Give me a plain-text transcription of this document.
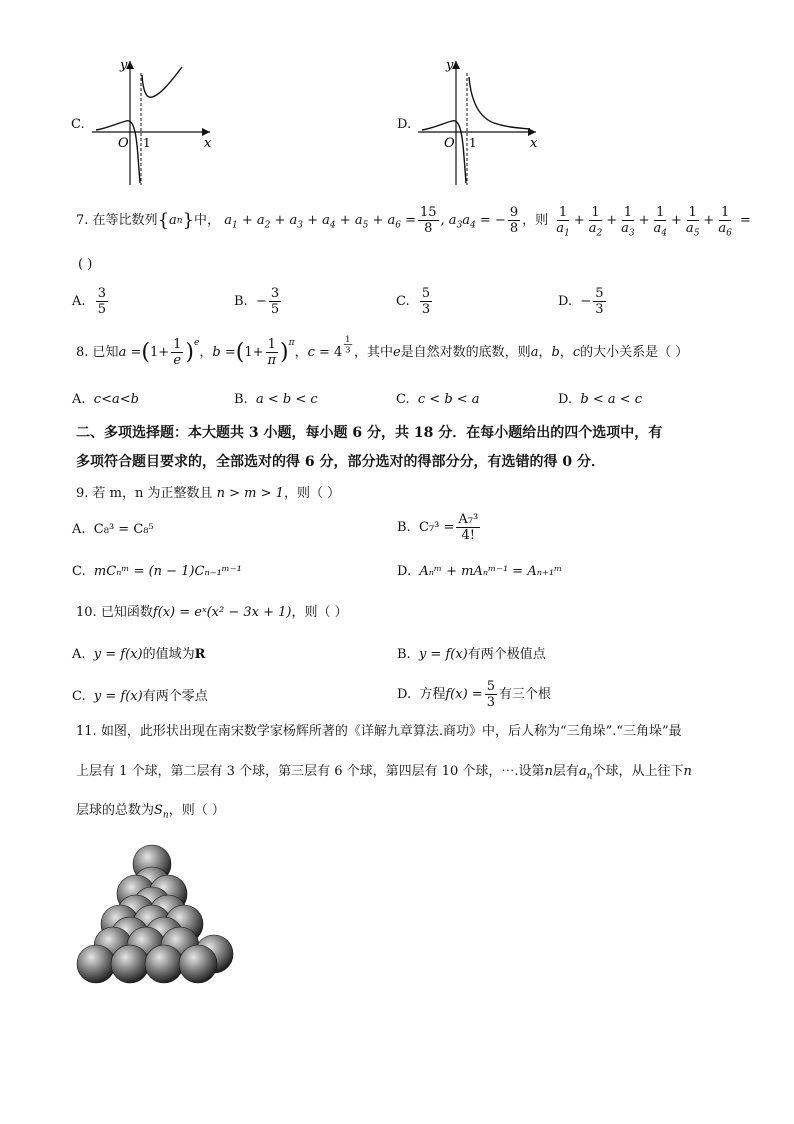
C.
O 1	x
y
D.
O 1	x
y
7.
在等比数列 { a n } 中，
$a_1 + a_2 + a_3 + a_4 + a_5 + a_6 = \frac{15}{8}$ , $a_3a_4$ = − $\frac{9}{8}$ ，则
$\frac{1}{a_1} + \frac{1}{a_2} + \frac{1}{a_3} + \frac{1}{a_4} + \frac{1}{a_5} + \frac{1}{a_6}$ =
( )
A. $\frac{3}{5}$	B. − $\frac{3}{5}$	C. $\frac{5}{3}$	D. − $\frac{5}{3}$
8.
已知 a = ( $1 + \frac{1}{e} )^e$
， b = ( $1 + \frac{1}{\pi} )^\pi$
， $c = 4 \frac{1}{3}$ ，其中 e 是自然对数的底数，则 a ， b ， c 的大小关系是（ ）
A. c<a<b	B. a < b < c	C. c < b < a	D. b < a < c
二、多项选择题：本大题共 3 小题，每小题 6 分，共 18 分．在每小题给出的四个选项中，有
多项符合题目要求的，全部选对的得 6 分，部分选对的得部分分，有选错的得 0 分．
9. 若 m，n 为正整数且 n > m > 1，则（ ）
A. C₈³ = C₈⁵	B.
$C_7^3 = \frac{\text{A₇³}}{4!}$
C. mCₙᵐ = (n − 1)Cₙ₋₁ᵐ⁻¹	D. Aₙᵐ + mAₙᵐ⁻¹ = Aₙ₊₁ᵐ
10. 已知函数f(x) = eˣ(x² − 3x + 1)，则（ ）
A. y = f(x)的值域为R	B. y = f(x)有两个极值点
C. y = f(x)有两个零点	D.
方程 $f(x) = \frac{5}{3}$ 有三个根
11. 如图，此形状出现在南宋数学家杨辉所著的《详解九章算法.商功》中，后人称为“三角垛”.“三角垛”最
上层有 1 个球，第二层有 3 个球，第三层有 6 个球，第四层有 10 个球，⋯.设第n层有$a_n$个球，从上往下n
层球的总数为$S_n$，则（ ）
